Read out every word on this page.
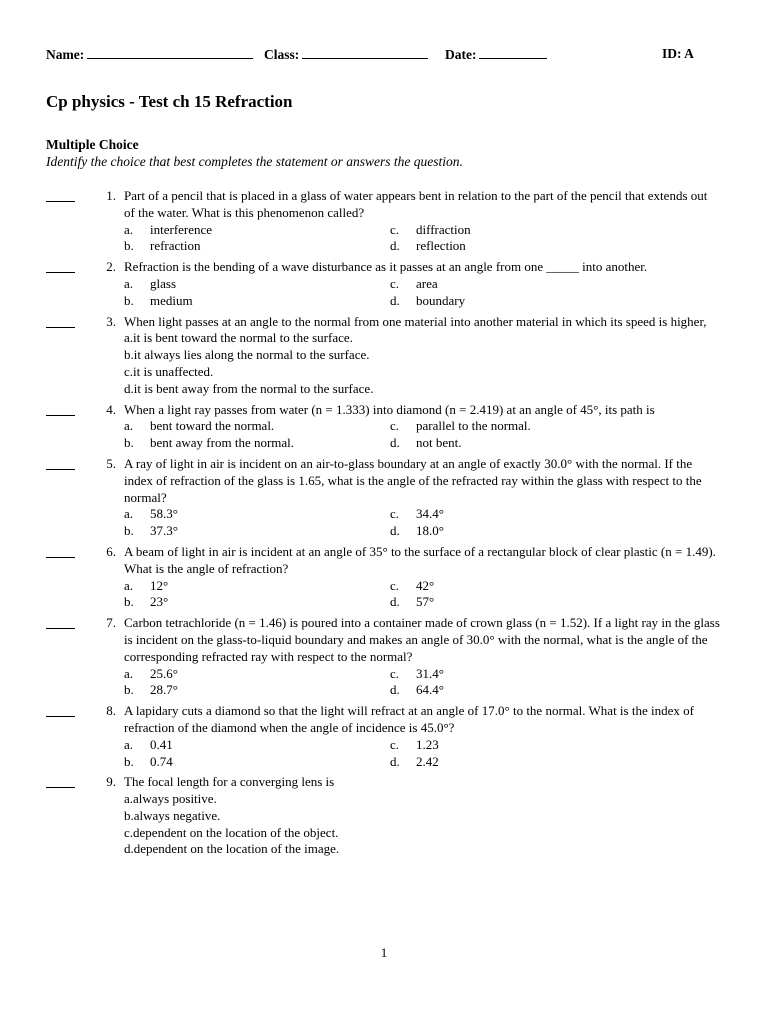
Name:	Class:	Date:	ID: A
Cp physics - Test ch 15 Refraction
Multiple Choice
Identify the choice that best completes the statement or answers the question.
1. Part of a pencil that is placed in a glass of water appears bent in relation to the part of the pencil that extends out of the water. What is this phenomenon called?
a.	interference	c.	diffraction
b.	refraction	d.	reflection
2. Refraction is the bending of a wave disturbance as it passes at an angle from one _____ into another.
a.	glass	c.	area
b.	medium	d.	boundary
3. When light passes at an angle to the normal from one material into another material in which its speed is higher,
a.it is bent toward the normal to the surface.
b.it always lies along the normal to the surface.
c.it is unaffected.
d.it is bent away from the normal to the surface.
4. When a light ray passes from water (n = 1.333) into diamond (n = 2.419) at an angle of 45°, its path is
a.	bent toward the normal.	c.	parallel to the normal.
b.	bent away from the normal.	d.	not bent.
5. A ray of light in air is incident on an air-to-glass boundary at an angle of exactly 30.0° with the normal. If the index of refraction of the glass is 1.65, what is the angle of the refracted ray within the glass with respect to the normal?
a.	58.3°	c.	34.4°
b.	37.3°	d.	18.0°
6. A beam of light in air is incident at an angle of 35° to the surface of a rectangular block of clear plastic (n = 1.49). What is the angle of refraction?
a.	12°	c.	42°
b.	23°	d.	57°
7. Carbon tetrachloride (n = 1.46) is poured into a container made of crown glass (n = 1.52). If a light ray in the glass is incident on the glass-to-liquid boundary and makes an angle of 30.0° with the normal, what is the angle of the corresponding refracted ray with respect to the normal?
a.	25.6°	c.	31.4°
b.	28.7°	d.	64.4°
8. A lapidary cuts a diamond so that the light will refract at an angle of 17.0° to the normal. What is the index of refraction of the diamond when the angle of incidence is 45.0°?
a.	0.41	c.	1.23
b.	0.74	d.	2.42
9. The focal length for a converging lens is
a.always positive.
b.always negative.
c.dependent on the location of the object.
d.dependent on the location of the image.
1
